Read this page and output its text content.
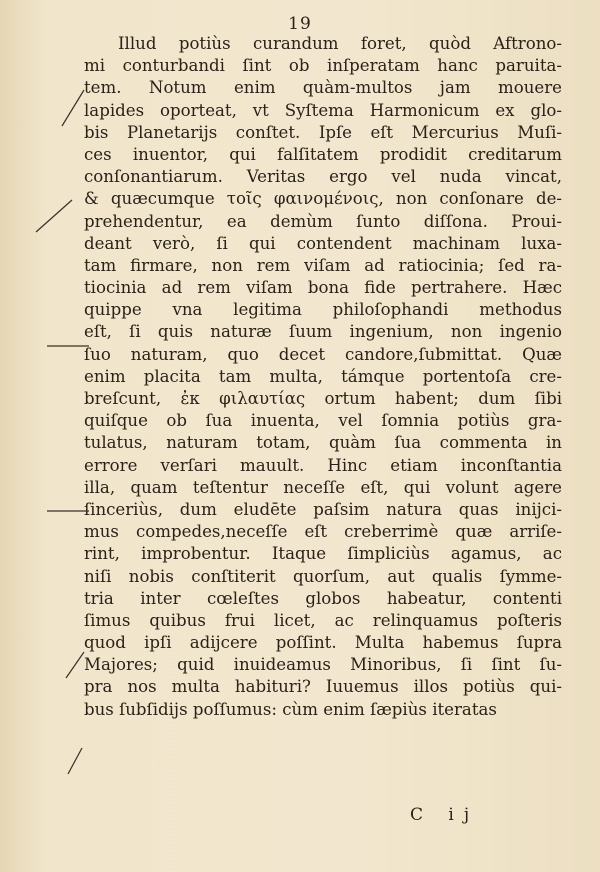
19
Illud potiùs curandum foret, quòd Aftrono-
mi conturbandi ſint ob inſperatam hanc paruita-
tem. Notum enim quàm-multos jam mouere
lapides oporteat, vt Syſtema Harmonicum ex glo-
bis Planetarijs conſtet. Ipſe eſt Mercurius Muſi-
ces inuentor, qui falſitatem prodidit creditarum
conſonantiarum. Veritas ergo vel nuda vincat,
& quæcumque τοῖς φαινομένοις, non conſonare de-
prehendentur, ea demùm ſunto diſſona. Proui-
deant verò, ſi qui contendent machinam luxa-
tam firmare, non rem viſam ad ratiocinia; ſed ra-
tiocinia ad rem viſam bona fide pertrahere. Hæc
quippe vna legitima philoſophandi methodus
eſt, ſi quis naturæ ſuum ingenium, non ingenio
ſuo naturam, quo decet candore,ſubmittat. Quæ
enim placita tam multa, támque portentoſa cre-
breſcunt, ἐκ φιλαυτίας ortum habent; dum ſibi
quiſque ob ſua inuenta, vel ſomnia potiùs gra-
tulatus, naturam totam, quàm ſua commenta in
errore verſari mauult. Hinc etiam inconſtantia
illa, quam teſtentur neceſſe eſt, qui volunt agere
ſinceriùs, dum eludēte paſsim natura quas inijci-
mus compedes,neceſſe eſt creberrimè quæ arriſe-
rint, improbentur. Itaque ſimpliciùs agamus, ac
niſi nobis conſtiterit quorſum, aut qualis ſymme-
tria inter cœleſtes globos habeatur, contenti
ſimus quibus frui licet, ac relinquamus poſteris
quod ipſi adijcere poſſint. Multa habemus ſupra
Majores; quid inuideamus Minoribus, ſi ſint ſu-
pra nos multa habituri? Iuuemus illos potiùs qui-
bus ſubſidijs poſſumus: cùm enim ſæpiùs iteratas
C ij
